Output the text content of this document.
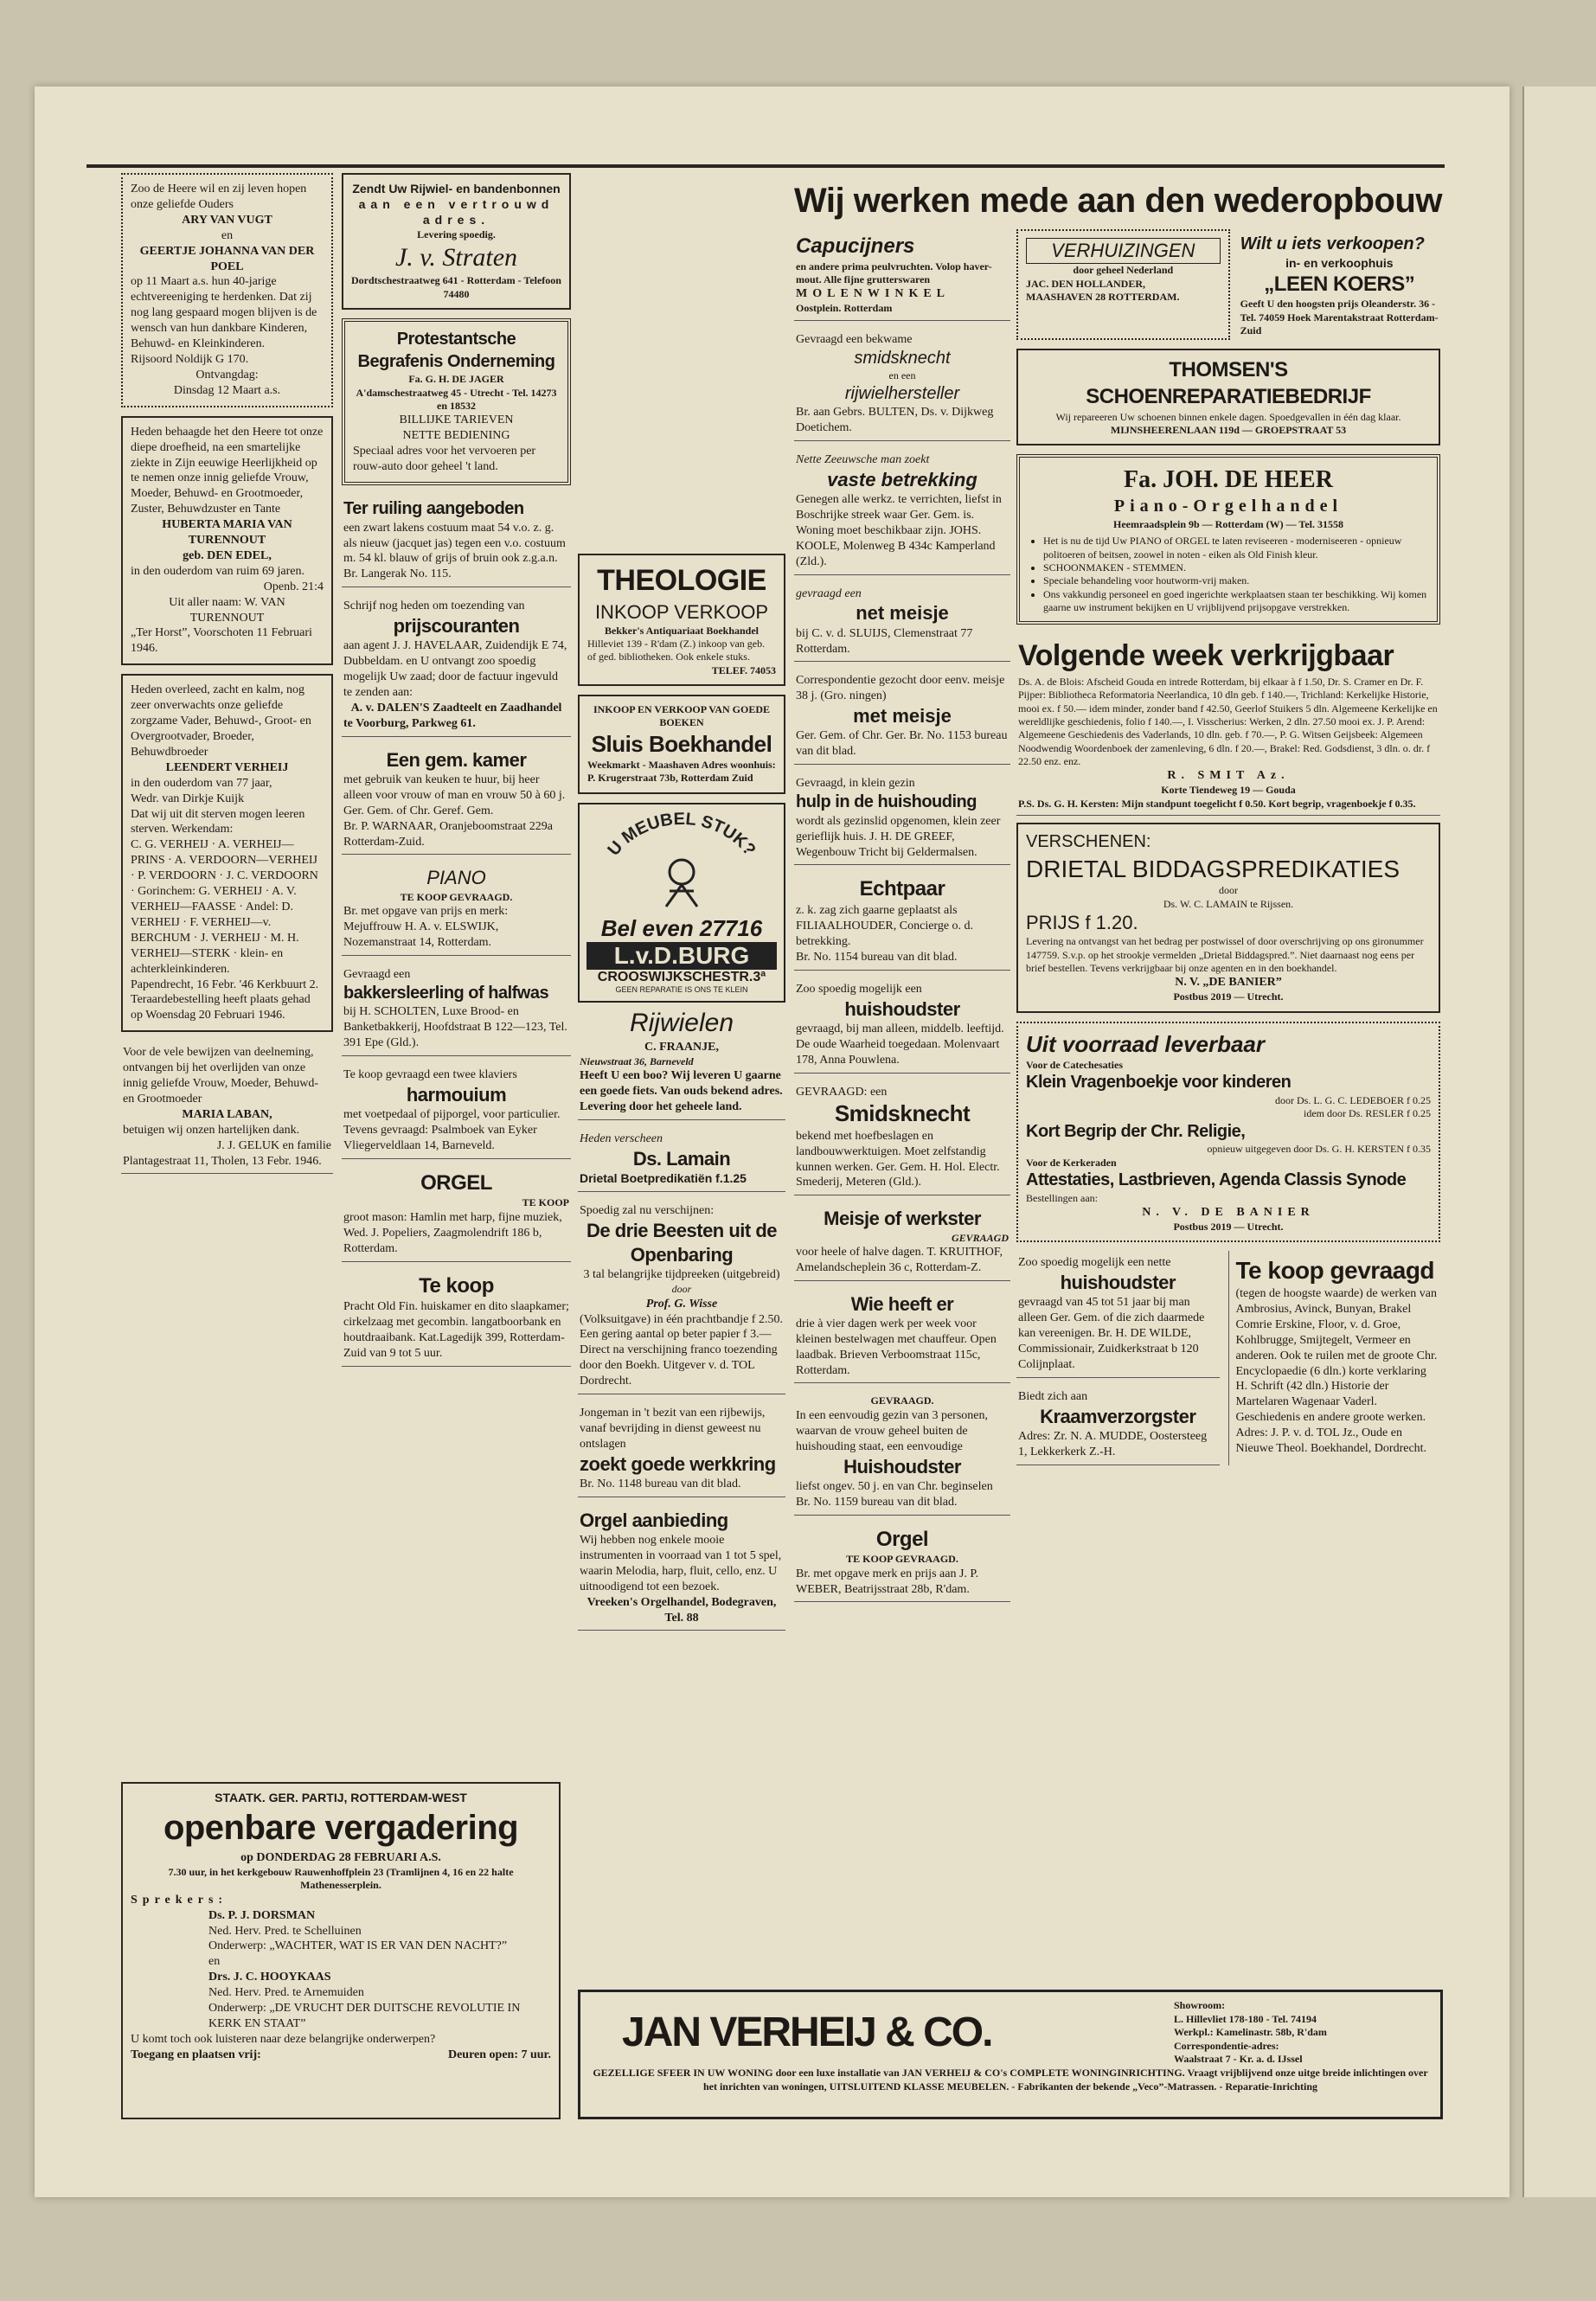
Zoo de Heere wil en zij leven hopen onze geliefde Ouders
ARY VAN VUGT
en
GEERTJE JOHANNA VAN DER POEL
op 11 Maart a.s. hun 40-jarige echtvereeniging te herdenken. Dat zij nog lang gespaard mogen blijven is de wensch van hun dankbare Kinderen, Behuwd- en Kleinkinderen.
Rijsoord Noldijk G 170.
Ontvangdag:
Dinsdag 12 Maart a.s.
Heden behaagde het den Heere tot onze diepe droefheid, na een smartelijke ziekte in Zijn eeuwige Heerlijkheid op te nemen onze innig geliefde Vrouw, Moeder, Behuwd- en Grootmoeder, Zuster, Behuwdzuster en Tante
HUBERTA MARIA VAN TURENNOUT
geb. DEN EDEL,
in den ouderdom van ruim 69 jaren.
Openb. 21:4
Uit aller naam: W. VAN TURENNOUT
„Ter Horst”, Voorschoten 11 Februari 1946.
Heden overleed, zacht en kalm, nog zeer onverwachts onze geliefde zorgzame Vader, Behuwd-, Groot- en Overgrootvader, Broeder, Behuwdbroeder
LEENDERT VERHEIJ
in den ouderdom van 77 jaar,
Wedr. van Dirkje Kuijk
Dat wij uit dit sterven mogen leeren sterven. Werkendam:
C. G. VERHEIJ · A. VERHEIJ—PRINS · A. VERDOORN—VERHEIJ · P. VERDOORN · J. C. VERDOORN · Gorinchem: G. VERHEIJ · A. V. VERHEIJ—FAASSE · Andel: D. VERHEIJ · F. VERHEIJ—v. BERCHUM · J. VERHEIJ · M. H. VERHEIJ—STERK · klein- en achterkleinkinderen.
Papendrecht, 16 Febr. '46 Kerkbuurt 2.
Teraardebestelling heeft plaats gehad op Woensdag 20 Februari 1946.
Voor de vele bewijzen van deelneming, ontvangen bij het overlijden van onze innig geliefde Vrouw, Moeder, Behuwd- en Grootmoeder
MARIA LABAN,
betuigen wij onzen hartelijken dank.
J. J. GELUK en familie
Plantagestraat 11, Tholen, 13 Febr. 1946.
Zendt Uw Rijwiel- en bandenbonnen
aan een vertrouwd adres.
Levering spoedig.
J. v. Straten
Dordtschestraatweg 641 - Rotterdam - Telefoon 74480
Protestantsche Begrafenis Onderneming
Fa. G. H. DE JAGER
A'damschestraatweg 45 - Utrecht - Tel. 14273 en 18532
BILLIJKE TARIEVEN
NETTE BEDIENING
Speciaal adres voor het vervoeren per rouw-auto door geheel 't land.
Ter ruiling aangeboden
een zwart lakens costuum maat 54 v.o. z. g. als nieuw (jacquet jas) tegen een v.o. costuum m. 54 kl. blauw of grijs of bruin ook z.g.a.n. Br. Langerak No. 115.
Schrijf nog heden om toezending van
prijscouranten
aan agent J. J. HAVELAAR, Zuidendijk E 74, Dubbeldam. en U ontvangt zoo spoedig mogelijk Uw zaad; door de factuur ingevuld te zenden aan:
A. v. DALEN'S Zaadteelt en Zaadhandel
te Voorburg, Parkweg 61.
Een gem. kamer
met gebruik van keuken te huur, bij heer alleen voor vrouw of man en vrouw 50 à 60 j. Ger. Gem. of Chr. Geref. Gem.
Br. P. WARNAAR, Oranjeboomstraat 229a Rotterdam-Zuid.
PIANO
TE KOOP GEVRAAGD.
Br. met opgave van prijs en merk: Mejuffrouw H. A. v. ELSWIJK, Nozemanstraat 14, Rotterdam.
Gevraagd een
bakkersleerling of halfwas
bij H. SCHOLTEN, Luxe Brood- en Banketbakkerij, Hoofdstraat B 122—123, Tel. 391 Epe (Gld.).
Te koop gevraagd een twee klaviers
harmouium
met voetpedaal of pijporgel, voor particulier. Tevens gevraagd: Psalmboek van Eyker Vliegerveldlaan 14, Barneveld.
ORGEL
TE KOOP
groot mason: Hamlin met harp, fijne muziek, Wed. J. Popeliers, Zaagmolendrift 186 b, Rotterdam.
Te koop
Pracht Old Fin. huiskamer en dito slaapkamer; cirkelzaag met gecombin. langatboorbank en houtdraaibank. Kat.Lagedijk 399, Rotterdam-Zuid van 9 tot 5 uur.
STAATK. GER. PARTIJ, ROTTERDAM-WEST
openbare vergadering
op DONDERDAG 28 FEBRUARI A.S.
7.30 uur, in het kerkgebouw Rauwenhoffplein 23 (Tramlijnen 4, 16 en 22 halte Mathenesserplein.
Sprekers:
Ds. P. J. DORSMAN
Ned. Herv. Pred. te Schelluinen
Onderwerp: „WACHTER, WAT IS ER VAN DEN NACHT?”
en
Drs. J. C. HOOYKAAS
Ned. Herv. Pred. te Arnemuiden
Onderwerp: „DE VRUCHT DER DUITSCHE REVOLUTIE IN KERK EN STAAT”
U komt toch ook luisteren naar deze belangrijke onderwerpen?
Toegang en plaatsen vrij:	Deuren open: 7 uur.
THEOLOGIE
INKOOP VERKOOP
Bekker's Antiquariaat Boekhandel
Hilleviet 139 - R'dam (Z.) inkoop van geb. of ged. bibliotheken. Ook enkele stuks.
TELEF. 74053
INKOOP EN VERKOOP VAN GOEDE BOEKEN
Sluis Boekhandel
Weekmarkt - Maashaven Adres woonhuis: P. Krugerstraat 73b, Rotterdam Zuid
U MEUBEL STUK?
Bel even 27716
L.v.D.BURG
CROOSWIJKSCHESTR.3ª
GEEN REPARATIE IS ONS TE KLEIN
Rijwielen
C. FRAANJE,
Nieuwstraat 36, Barneveld
Heeft U een boo? Wij leveren U gaarne een goede fiets. Van ouds bekend adres. Levering door het geheele land.
Heden verscheen
Ds. Lamain
Drietal Boetpredikatiën f.1.25
Spoedig zal nu verschijnen:
De drie Beesten uit de Openbaring
3 tal belangrijke tijdpreeken (uitgebreid)
door
Prof. G. Wisse
(Volksuitgave) in één prachtbandje f 2.50. Een gering aantal op beter papier f 3.— Direct na verschijning franco toezending door den Boekh. Uitgever v. d. TOL Dordrecht.
Jongeman in 't bezit van een rijbewijs, vanaf bevrijding in dienst geweest nu ontslagen
zoekt goede werkkring
Br. No. 1148 bureau van dit blad.
Orgel aanbieding
Wij hebben nog enkele mooie instrumenten in voorraad van 1 tot 5 spel, waarin Melodia, harp, fluit, cello, enz. U uitnoodigend tot een bezoek.
Vreeken's Orgelhandel, Bodegraven, Tel. 88
Wij werken mede aan den wederopbouw
Capucijners
en andere prima peulvruchten. Volop haver-mout. Alle fijne grutterswaren
MOLENWINKEL
Oostplein. Rotterdam
Gevraagd een bekwame
smidsknecht
en een
rijwielhersteller
Br. aan Gebrs. BULTEN, Ds. v. Dijkweg Doetichem.
Nette Zeeuwsche man zoekt
vaste betrekking
Genegen alle werkz. te verrichten, liefst in Boschrijke streek waar Ger. Gem. is. Woning moet beschikbaar zijn. JOHS. KOOLE, Molenweg B 434c Kamperland (Zld.).
gevraagd een
net meisje
bij C. v. d. SLUIJS, Clemenstraat 77 Rotterdam.
Correspondentie gezocht door eenv. meisje 38 j. (Gro. ningen)
met meisje
Ger. Gem. of Chr. Ger. Br. No. 1153 bureau van dit blad.
Gevraagd, in klein gezin
hulp in de huishouding
wordt als gezinslid opgenomen, klein zeer gerieflijk huis. J. H. DE GREEF, Wegenbouw Tricht bij Geldermalsen.
Echtpaar
z. k. zag zich gaarne geplaatst als FILIAALHOUDER, Concierge o. d. betrekking.
Br. No. 1154 bureau van dit blad.
Zoo spoedig mogelijk een
huishoudster
gevraagd, bij man alleen, middelb. leeftijd. De oude Waarheid toegedaan. Molenvaart 178, Anna Pouwlena.
GEVRAAGD: een
Smidsknecht
bekend met hoefbeslagen en landbouwwerktuigen. Moet zelfstandig kunnen werken. Ger. Gem. H. Hol. Electr. Smederij, Meteren (Gld.).
Meisje of werkster
GEVRAAGD
voor heele of halve dagen. T. KRUITHOF, Amelandscheplein 36 c, Rotterdam-Z.
Wie heeft er
drie à vier dagen werk per week voor kleinen bestelwagen met chauffeur. Open laadbak. Brieven Verboomstraat 115c, Rotterdam.
GEVRAAGD.
In een eenvoudig gezin van 3 personen, waarvan de vrouw geheel buiten de huishouding staat, een eenvoudige
Huishoudster
liefst ongev. 50 j. en van Chr. beginselen Br. No. 1159 bureau van dit blad.
Orgel
TE KOOP GEVRAAGD.
Br. met opgave merk en prijs aan J. P. WEBER, Beatrijsstraat 28b, R'dam.
VERHUIZINGEN
door geheel Nederland
JAC. DEN HOLLANDER,
MAASHAVEN 28 ROTTERDAM.
Wilt u iets verkoopen?
in- en verkoophuis
„LEEN KOERS”
Geeft U den hoogsten prijs Oleanderstr. 36 - Tel. 74059 Hoek Marentakstraat Rotterdam-Zuid
THOMSEN'S SCHOENREPARATIEBEDRIJF
Wij repareeren Uw schoenen binnen enkele dagen. Spoedgevallen in één dag klaar.
MIJNSHEERENLAAN 119d — GROEPSTRAAT 53
Fa. JOH. DE HEER
Piano-Orgelhandel
Heemraadsplein 9b — Rotterdam (W) — Tel. 31558
• Het is nu de tijd Uw PIANO of ORGEL te laten reviseeren - moderniseeren - opnieuw politoeren of beitsen, zoowel in noten - eiken als Old Finish kleur.
• SCHOONMAKEN - STEMMEN.
• Speciale behandeling voor houtworm-vrij maken.
• Ons vakkundig personeel en goed ingerichte werkplaatsen staan ter beschikking. Wij komen gaarne uw instrument bekijken en U vrijblijvend prijsopgave verstrekken.
Volgende week verkrijgbaar
Ds. A. de Blois: Afscheid Gouda en intrede Rotterdam, bij elkaar à f 1.50, Dr. S. Cramer en Dr. F. Pijper: Bibliotheca Reformatoria Neerlandica, 10 dln geb. f 140.—, Trichland: Kerkelijke Historie, mooi ex. f 50.— idem minder, zonder band f 42.50, Geerlof Stuikers 5 dln. Algemeene Kerkelijke en wereldlijke geschiedenis, folio f 140.—, I. Visscherius: Werken, 2 dln. 27.50 mooi ex. J. P. Arend: Algemeene Geschiedenis des Vaderlands, 10 dln. geb. f 70.—, P. G. Witsen Geijsbeek: Algemeen Noodwendig Woordenboek der zamenleving, 6 dln. f 20.—, Brakel: Red. Godsdienst, 3 dln. o. dr. f 22.50 enz. enz.
R. SMIT Az.
Korte Tiendeweg 19 — Gouda
P.S. Ds. G. H. Kersten: Mijn standpunt toegelicht f 0.50. Kort begrip, vragenboekje f 0.35.
VERSCHENEN:
DRIETAL BIDDAGSPREDIKATIES
door
Ds. W. C. LAMAIN te Rijssen.
PRIJS f 1.20.
Levering na ontvangst van het bedrag per postwissel of door overschrijving op ons gironummer 147759. S.v.p. op het strookje vermelden „Drietal Biddagspred.”. Niet daarnaast nog eens per brief bestellen. Tevens verkrijgbaar bij onze agenten en in den boekhandel.
N. V. „DE BANIER”
Postbus 2019 — Utrecht.
Uit voorraad leverbaar
Voor de Catechesaties
Klein Vragenboekje voor kinderen
door Ds. L. G. C. LEDEBOER f 0.25
idem door Ds. RESLER f 0.25
Kort Begrip der Chr. Religie,
opnieuw uitgegeven door Ds. G. H. KERSTEN f 0.35
Voor de Kerkeraden
Attestaties, Lastbrieven, Agenda Classis Synode
Bestellingen aan:
N. V. DE BANIER
Postbus 2019 — Utrecht.
Zoo spoedig mogelijk een nette
huishoudster
gevraagd van 45 tot 51 jaar bij man alleen Ger. Gem. of die zich daarmede kan vereenigen. Br. H. DE WILDE, Commissionair, Zuidkerkstraat b 120 Colijnplaat.
Biedt zich aan
Kraamverzorgster
Adres: Zr. N. A. MUDDE, Oostersteeg 1, Lekkerkerk Z.-H.
Te koop gevraagd
(tegen de hoogste waarde) de werken van Ambrosius, Avinck, Bunyan, Brakel Comrie Erskine, Floor, v. d. Groe, Kohlbrugge, Smijtegelt, Vermeer en anderen. Ook te ruilen met de groote Chr. Encyclopaedie (6 dln.) korte verklaring H. Schrift (42 dln.) Historie der Martelaren Wagenaar Vaderl. Geschiedenis en andere groote werken. Adres: J. P. v. d. TOL Jz., Oude en Nieuwe Theol. Boekhandel, Dordrecht.
JAN VERHEIJ & CO.
Showroom:
L. Hillevliet 178-180 - Tel. 74194
Werkpl.: Kamelinastr. 58b, R'dam
Correspondentie-adres:
Waalstraat 7 - Kr. a. d. IJssel
GEZELLIGE SFEER IN UW WONING door een luxe installatie van JAN VERHEIJ & CO's COMPLETE WONINGINRICHTING. Vraagt vrijblijvend onze uitge breide inlichtingen over het inrichten van woningen, UITSLUITEND KLASSE MEUBELEN. - Fabrikanten der bekende „Veco”-Matrassen. - Reparatie-Inrichting
